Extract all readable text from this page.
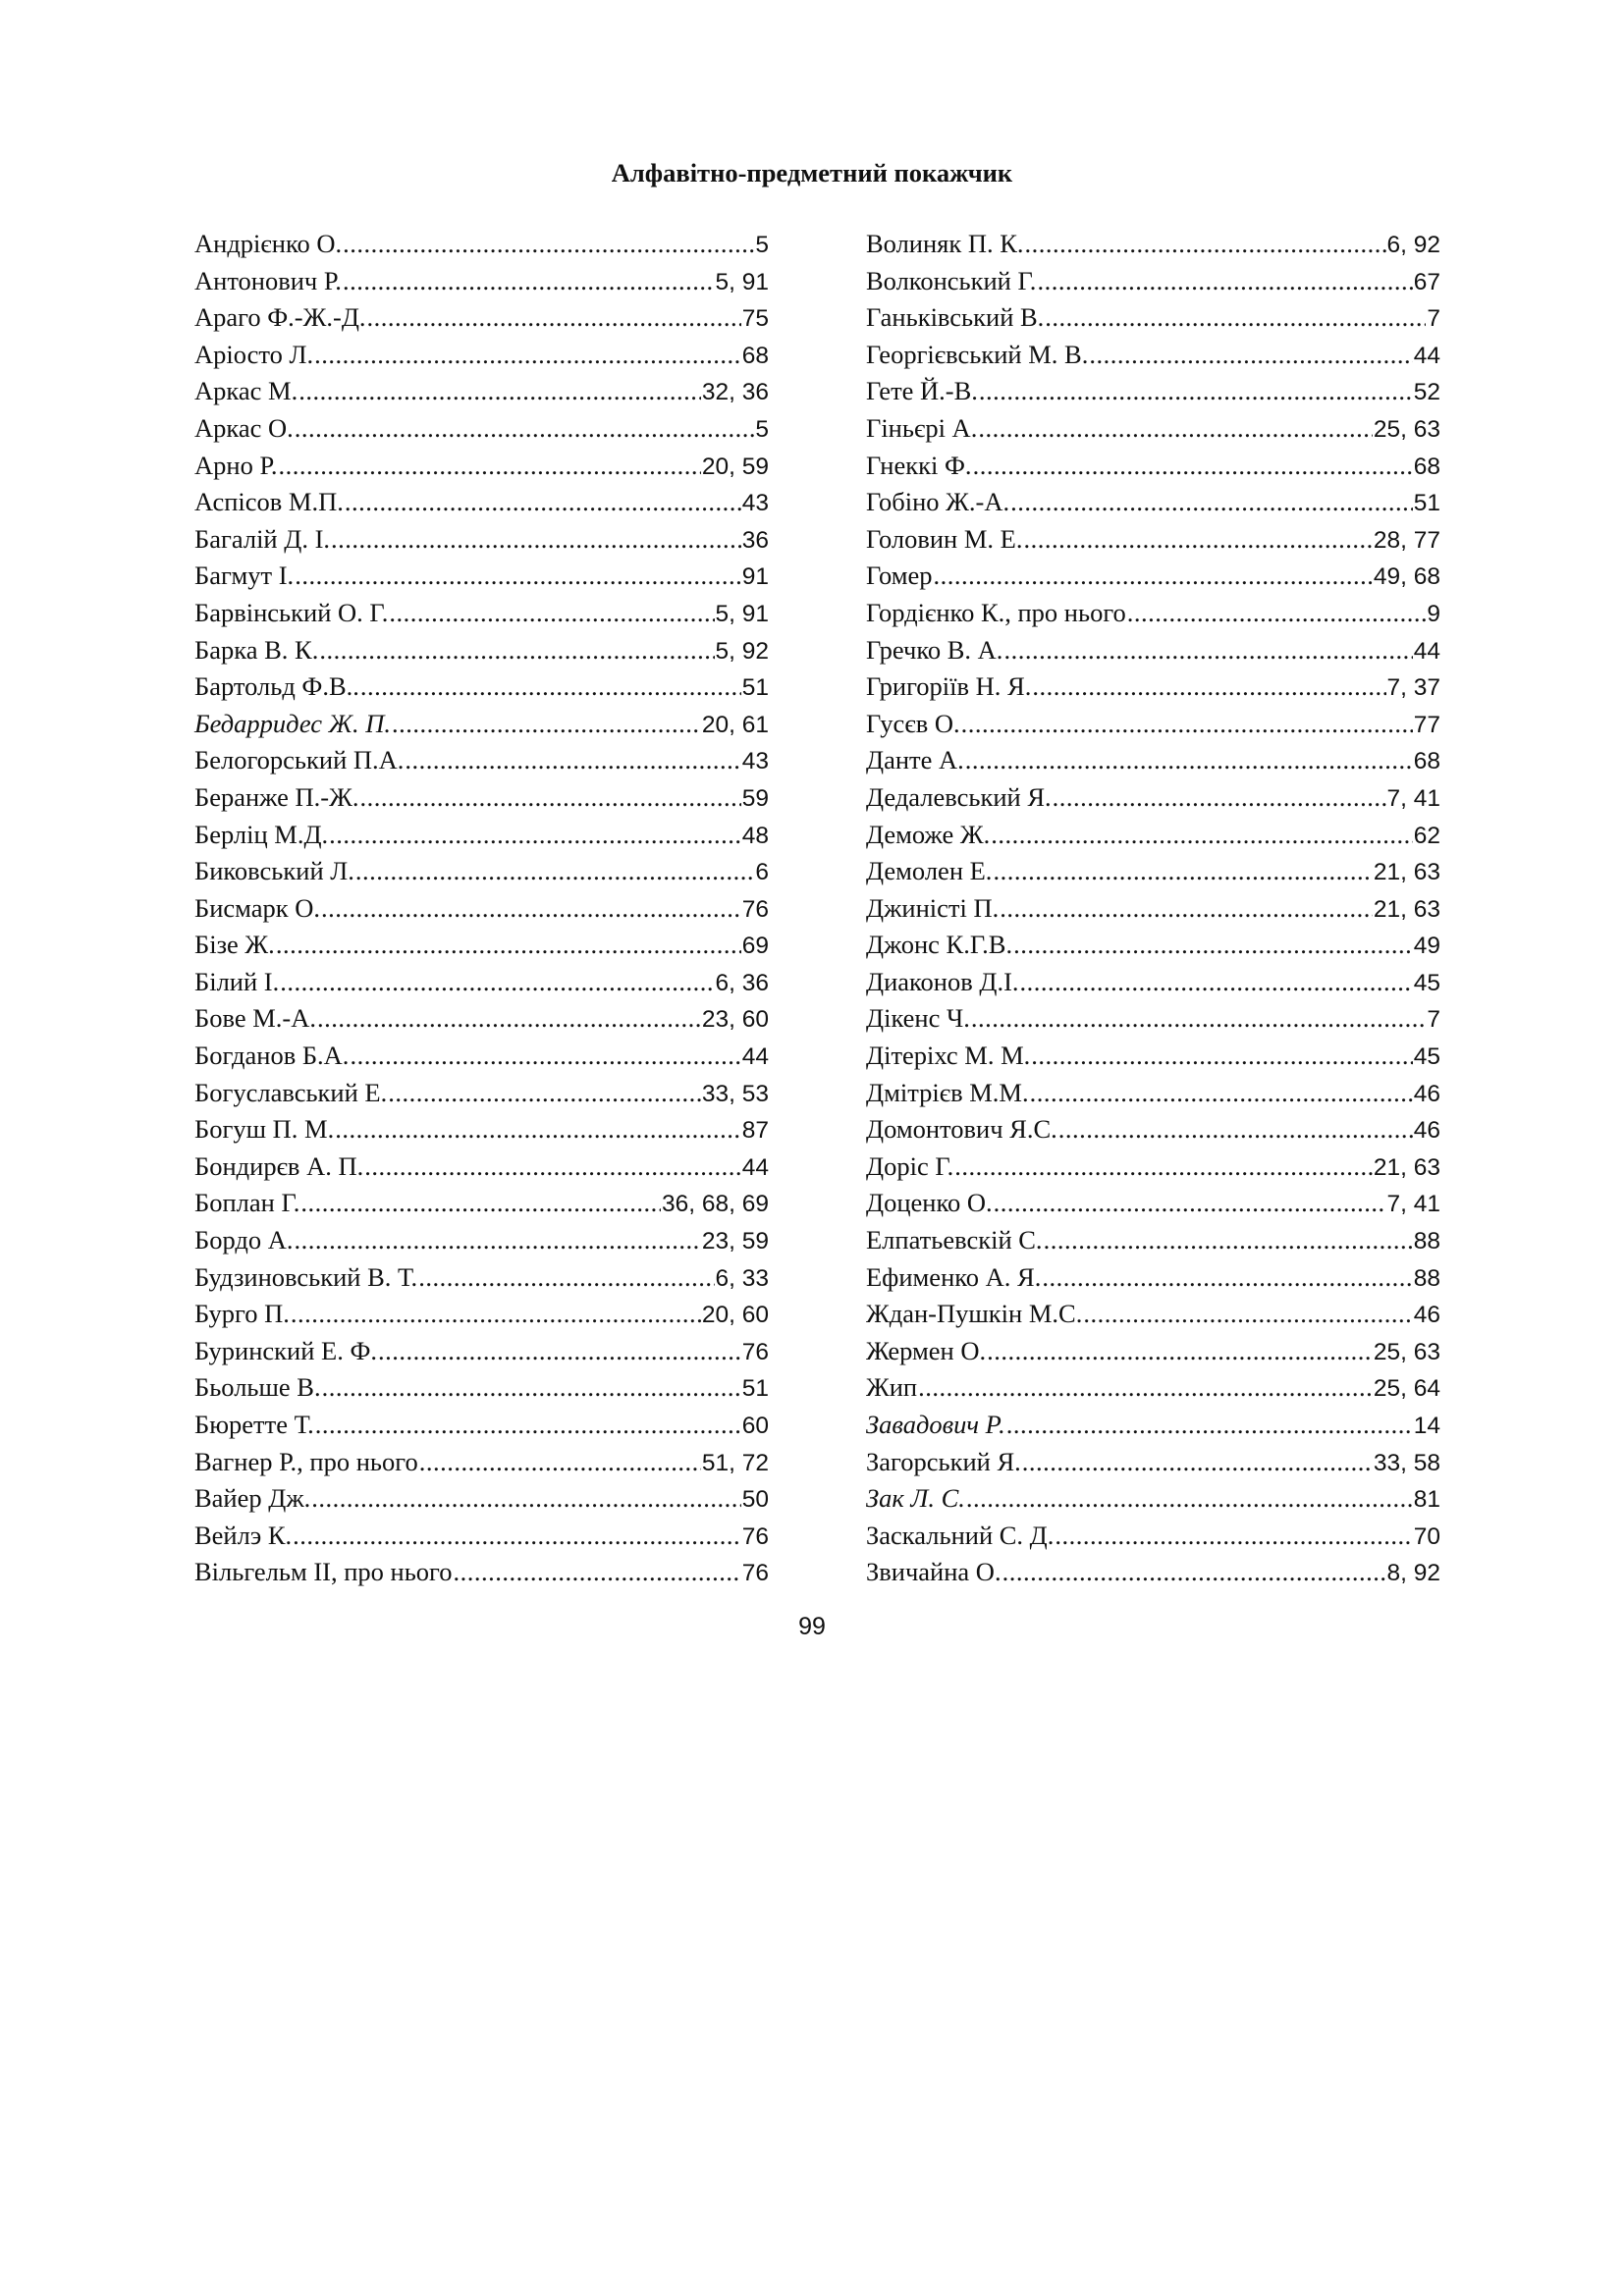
Алфавітно-предметний покажчик
Андрієнко О. .....	5
Антонович Р. .....	5, 91
Араго Ф.-Ж.-Д. .....	75
Аріосто Л. .....	68
Аркас М. .....	32, 36
Аркас О. .....	5
Арно Р. .....	20, 59
Аспісов М.П. .....	43
Багалій Д. І. .....	36
Багмут І. .....	91
Барвінський О. Г. .....	5, 91
Барка В. К. .....	5, 92
Бартольд Ф.В.. .....	51
Бедарридес Ж. П. .....	20, 61
Белогорський П.А. .....	43
Беранже П.-Ж. .....	59
Берліц М.Д. .....	48
Биковський Л. .....	6
Бисмарк О. .....	76
Бізе Ж. .....	69
Білий І. .....	6, 36
Бове М.-А. .....	23, 60
Богданов Б.А. .....	44
Богуславський Е. .....	33, 53
Богуш П. М. .....	87
Бондирєв А. П. .....	44
Боплан Г. .....	36, 68, 69
Бордо А. .....	23, 59
Будзиновський В. Т. .....	6, 33
Бурго П. .....	20, 60
Буринский Е. Ф. .....	76
Бьольше В. .....	51
Бюретте Т. .....	60
Вагнер Р., про нього .....	51, 72
Вайер Дж. .....	50
Вейлэ К. .....	76
Вільгельм II, про нього .....	76
Волиняк П. К. .....	6, 92
Волконський Г. .....	67
Ганьківський В. .....	7
Георгієвський М. В. .....	44
Гете Й.-В. .....	52
Гіньєрі А. .....	25, 63
Гнеккі Ф. .....	68
Гобіно Ж.-А. .....	51
Головин М. Е. .....	28, 77
Гомер .....	49, 68
Гордієнко К., про нього .....	9
Гречко В. А. .....	44
Григоріїв Н. Я. .....	7, 37
Гусєв О. .....	77
Данте А. .....	68
Дедалевський Я. .....	7, 41
Деможе Ж. .....	62
Демолен Е. .....	21, 63
Джиністі П. .....	21, 63
Джонс К.Г.В. .....	49
Диаконов Д.І. .....	45
Дікенс Ч. .....	7
Дітеріхс М. М. .....	45
Дмітрієв М.М. .....	46
Домонтович Я.С. .....	46
Доріс Г. .....	21, 63
Доценко О. .....	7, 41
Елпатьевскій С. .....	88
Ефименко А. Я. .....	88
Ждан-Пушкін М.С. .....	46
Жермен О. .....	25, 63
Жип .....	25, 64
Завадович Р. .....	14
Загорський Я. .....	33, 58
Зак Л. С. .....	81
Заскальний С. Д. .....	70
Звичайна О. .....	8, 92
99
